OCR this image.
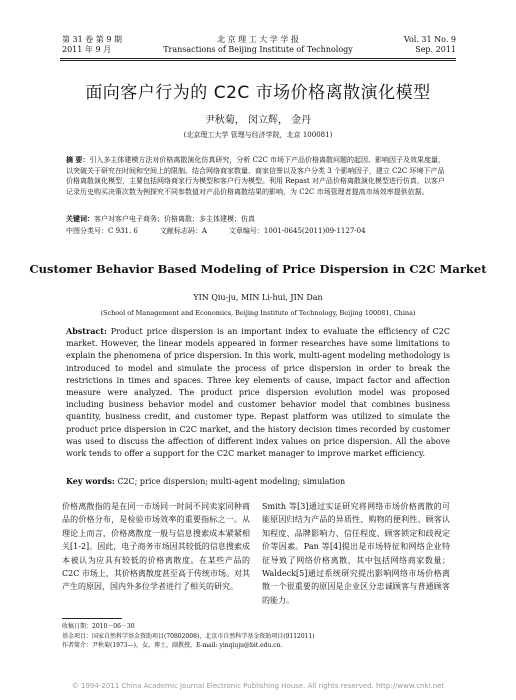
第 31 卷 第 9 期
2011 年 9 月
北 京 理 工 大 学 学 报
Transactions of Beijing Institute of Technology
Vol. 31 No. 9
Sep. 2011
面向客户行为的 C2C 市场价格离散演化模型
尹秋菊， 闵立辉， 金丹
(北京理工大学 管理与经济学院，北京 100081)
摘 要：引入多主体建模方法对价格离散演化仿真研究，分析 C2C 市场下产品价格离散问题的起因、影响因子及效果度量，以突破关于研究在时间和空间上的限制。结合网络商家数量、商家信誉以及客户分类 3 个影响因子，建立 C2C 环境下产品价格离散演化模型，主要包括网络商家行为模型和客户行为模型。利用 Repast 对产品价格离散演化模型进行仿真，以客户记录历史购买决策次数为例探究不同参数值对产品价格离散结果的影响，为 C2C 市场管理者提高市场效率提供依据。
关键词：客户对客户电子商务；价格离散；多主体建模；仿真
中图分类号：C 931. 6	文献标志码：A	文章编号：1001-0645(2011)09-1127-04
Customer Behavior Based Modeling of Price Dispersion in C2C Market
YIN Qiu-ju, MIN Li-hui, JIN Dan
(School of Management and Economics, Beijing Institute of Technology, Beijing 100081, China)
Abstract: Product price dispersion is an important index to evaluate the efficiency of C2C market. However, the linear models appeared in former researches have some limitations to explain the phenomena of price dispersion. In this work, multi-agent modeling methodology is introduced to model and simulate the process of price dispersion in order to break the restrictions in times and spaces. Three key elements of cause, impact factor and affection measure were analyzed. The product price dispersion evolution model was proposed including business behavior model and customer behavior model that combines business quantity, business credit, and customer type. Repast platform was utilized to simulate the product price dispersion in C2C market, and the history decision times recorded by customer was used to discuss the affection of different index values on price dispersion. All the above work tends to offer a support for the C2C market manager to improve market efficiency.
Key words: C2C; price dispersion; multi-agent modeling; simulation
价格离散指的是在同一市场同一时间不同卖家同种商品的价格分布，是检验市场效率的重要指标之一。从理论上而言，价格离散度一般与信息搜索成本紧紧相关[1-2]。因此，电子商务市场因其较低的信息搜索成本被认为应具有较低的价格离散度。在某些产品的 C2C 市场上，其价格离散度甚至高于传统市场。对其产生的原因，国内外多位学者进行了相关的研究。
Smith 等[3]通过实证研究将网络市场价格离散的可能原因归结为产品的异质性、购物的便利性、顾客认知程度、品牌影响力、信任程度、顾客锁定和歧视定价等因素。Pan 等[4]提出是市场特征和网络企业特征导致了网络价格离散，其中包括网络商家数量；Waldeck[5]通过系统研究提出影响网络市场价格离散一个很重要的原因是企业区分忠诚顾客与普通顾客的能力。
收稿日期：2010－06－30
基金项目：国家自然科学基金资助项目(70802008)，北京市自然科学基金资助项目(9112011)
作者简介：尹秋菊(1973—)，女，博士，副教授，E-mail: yinqiuju@bit.edu.cn.
© 1994-2011 China Academic Journal Electronic Publishing House. All rights reserved. http://www.cnki.net
